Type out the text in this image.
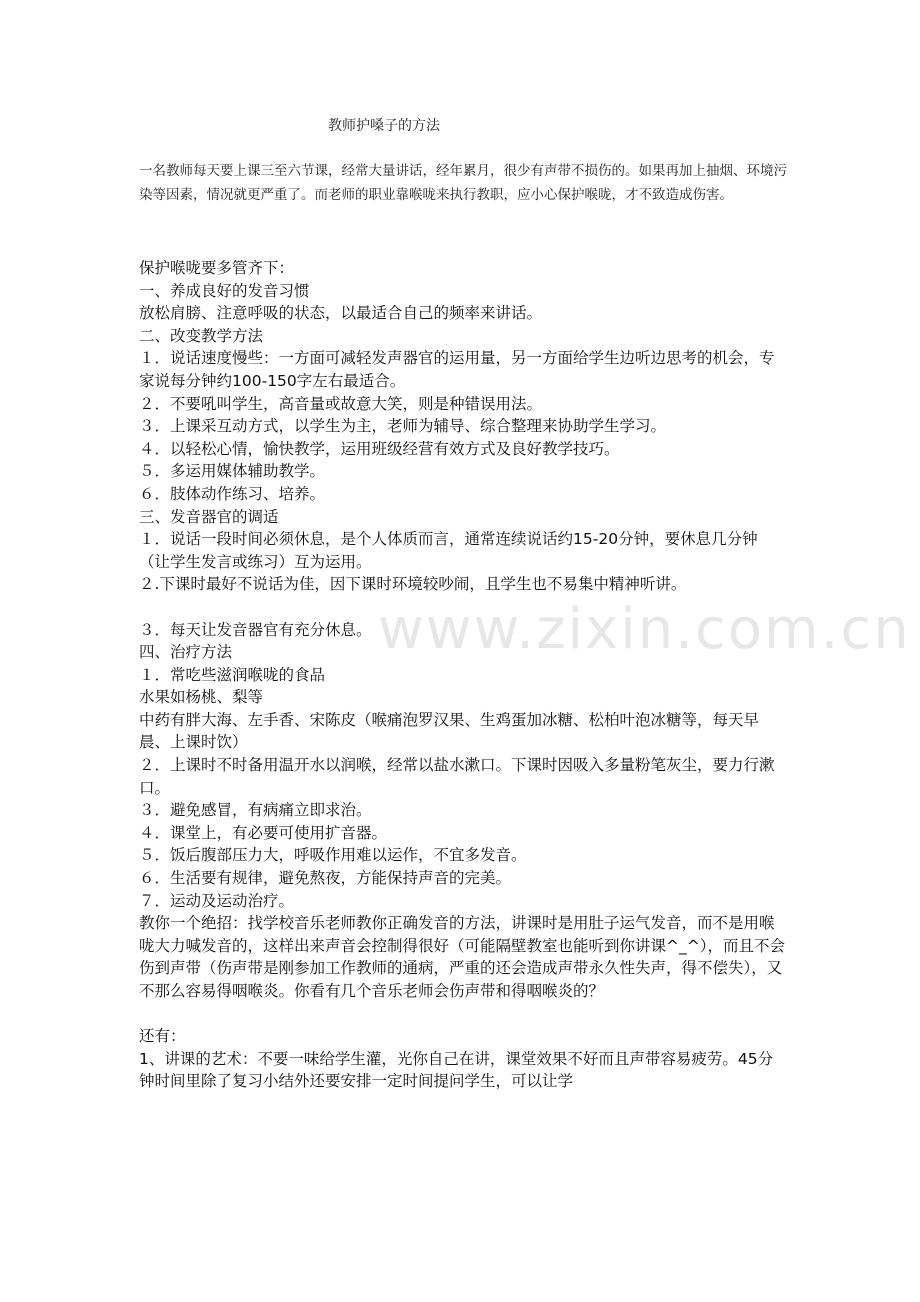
教师护嗓子的方法
一名教师每天要上课三至六节课，经常大量讲话，经年累月，很少有声带不损伤的。如果再加上抽烟、环境污染等因素，情况就更严重了。而老师的职业靠喉咙来执行教职，应小心保护喉咙，才不致造成伤害。

保护喉咙要多管齐下：

一、养成良好的发音习惯

放松肩膀、注意呼吸的状态，以最适合自己的频率来讲话。

二、改变教学方法

１．说话速度慢些：一方面可减轻发声器官的运用量，另一方面给学生边听边思考的机会，专家说每分钟约100-150字左右最适合。

２．不要吼叫学生，高音量或故意大笑，则是种错误用法。

３．上课采互动方式，以学生为主，老师为辅导、综合整理来协助学生学习。

４．以轻松心情，愉快教学，运用班级经营有效方式及良好教学技巧。

５．多运用媒体辅助教学。

６．肢体动作练习、培养。

三、发音器官的调适

１．说话一段时间必须休息，是个人体质而言，通常连续说话约15-20分钟，要休息几分钟（让学生发言或练习）互为运用。

２.下课时最好不说话为佳，因下课时环境较吵闹，且学生也不易集中精神听讲。

３．每天让发音器官有充分休息。

四、治疗方法

１．常吃些滋润喉咙的食品

水果如杨桃、梨等

中药有胖大海、左手香、宋陈皮（喉痛泡罗汉果、生鸡蛋加冰糖、松柏叶泡冰糖等，每天早晨、上课时饮）

２．上课时不时备用温开水以润喉，经常以盐水漱口。下课时因吸入多量粉笔灰尘，要力行漱口。

３．避免感冒，有病痛立即求治。

４．课堂上，有必要可使用扩音器。

５．饭后腹部压力大，呼吸作用难以运作，不宜多发音。

６．生活要有规律，避免熬夜，方能保持声音的完美。

７．运动及运动治疗。

教你一个绝招：找学校音乐老师教你正确发音的方法，讲课时是用肚子运气发音，而不是用喉咙大力喊发音的，这样出来声音会控制得很好（可能隔壁教室也能听到你讲课^_^），而且不会伤到声带（伤声带是刚参加工作教师的通病，严重的还会造成声带永久性失声，得不偿失），又不那么容易得咽喉炎。你看有几个音乐老师会伤声带和得咽喉炎的？

还有：

1、讲课的艺术：不要一味给学生灌，光你自己在讲，课堂效果不好而且声带容易疲劳。45分钟时间里除了复习小结外还要安排一定时间提问学生，可以让学

www.zixin.com.cn
